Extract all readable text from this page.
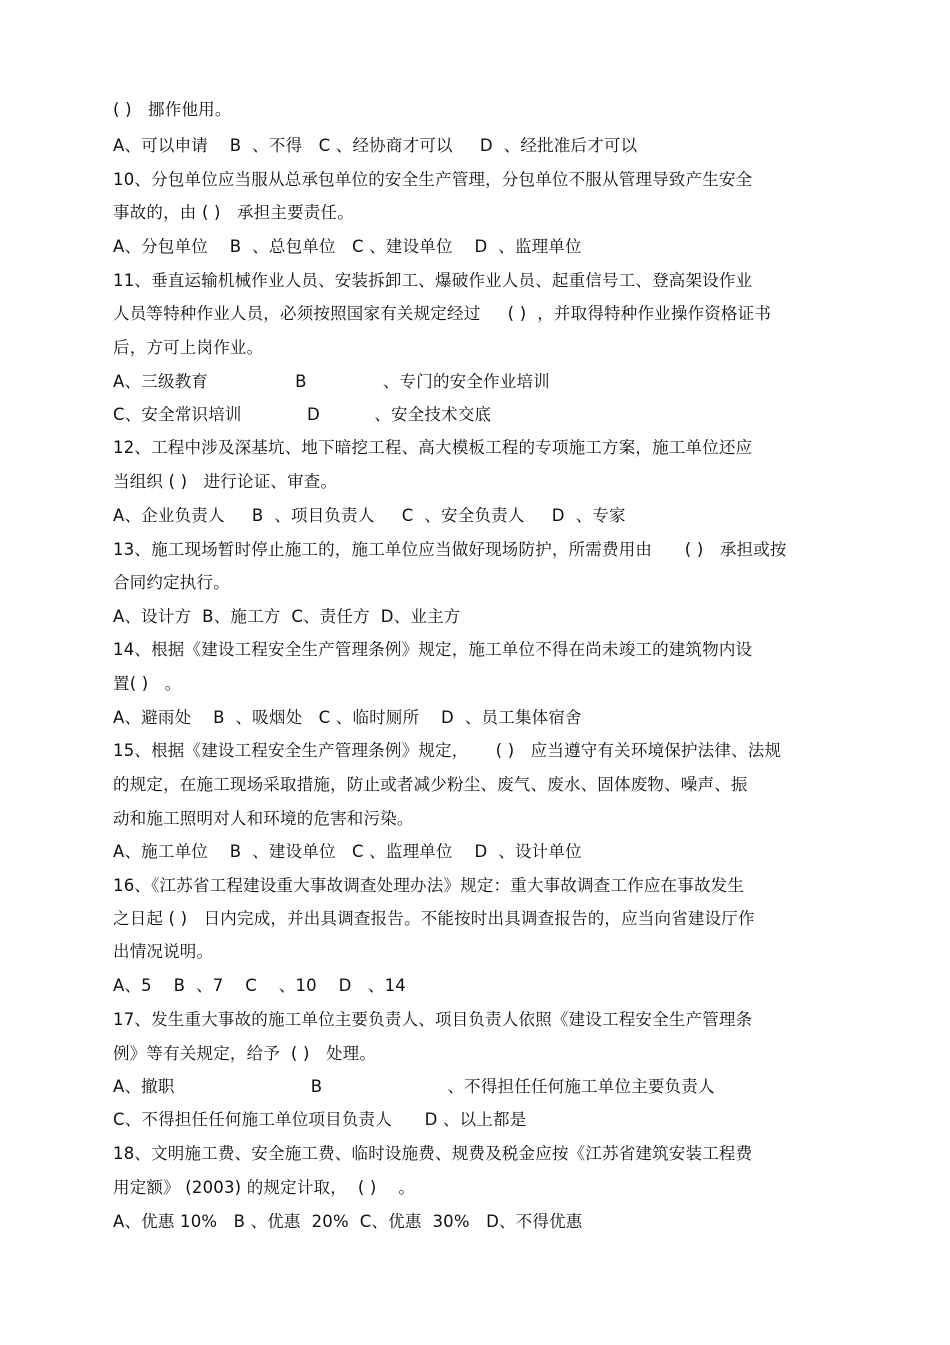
( )   挪作他用。
A、可以申请    B  、不得   C 、经协商才可以     D  、经批准后才可以
10、分包单位应当服从总承包单位的安全生产管理，分包单位不服从管理导致产生安全
事故的，由 ( )   承担主要责任。
A、分包单位    B  、总包单位   C 、建设单位    D  、监理单位
11、垂直运输机械作业人员、安装拆卸工、爆破作业人员、起重信号工、登高架设作业
人员等特种作业人员，必须按照国家有关规定经过     ( )  ，并取得特种作业操作资格证书
后，方可上岗作业。
A、三级教育                B              、专门的安全作业培训
C、安全常识培训            D          、安全技术交底
12、工程中涉及深基坑、地下暗挖工程、高大模板工程的专项施工方案，施工单位还应
当组织 ( )   进行论证、审查。
A、企业负责人     B  、项目负责人     C  、安全负责人     D  、专家
13、施工现场暂时停止施工的，施工单位应当做好现场防护，所需费用由      ( )   承担或按
合同约定执行。
A、设计方  B、施工方  C、责任方  D、业主方
14、根据《建设工程安全生产管理条例》规定，施工单位不得在尚未竣工的建筑物内设
置( )   。
A、避雨处    B  、吸烟处   C 、临时厕所    D  、员工集体宿舍
15、根据《建设工程安全生产管理条例》规定，     ( )   应当遵守有关环境保护法律、法规
的规定，在施工现场采取措施，防止或者减少粉尘、废气、废水、固体废物、噪声、振
动和施工照明对人和环境的危害和污染。
A、施工单位    B  、建设单位   C 、监理单位    D  、设计单位
16、《江苏省工程建设重大事故调查处理办法》规定：重大事故调查工作应在事故发生
之日起 ( )   日内完成，并出具调查报告。不能按时出具调查报告的，应当向省建设厅作
出情况说明。
A、5    B  、7    C    、10    D   、14
17、发生重大事故的施工单位主要负责人、项目负责人依照《建设工程安全生产管理条
例》等有关规定，给予  ( )   处理。
A、撤职                         B                       、不得担任任何施工单位主要负责人
C、不得担任任何施工单位项目负责人      D 、以上都是
18、文明施工费、安全施工费、临时设施费、规费及税金应按《江苏省建筑安装工程费
用定额》 (2003) 的规定计取，  ( )    。
A、优惠 10%   B 、优惠  20%  C、优惠  30%   D、不得优惠
